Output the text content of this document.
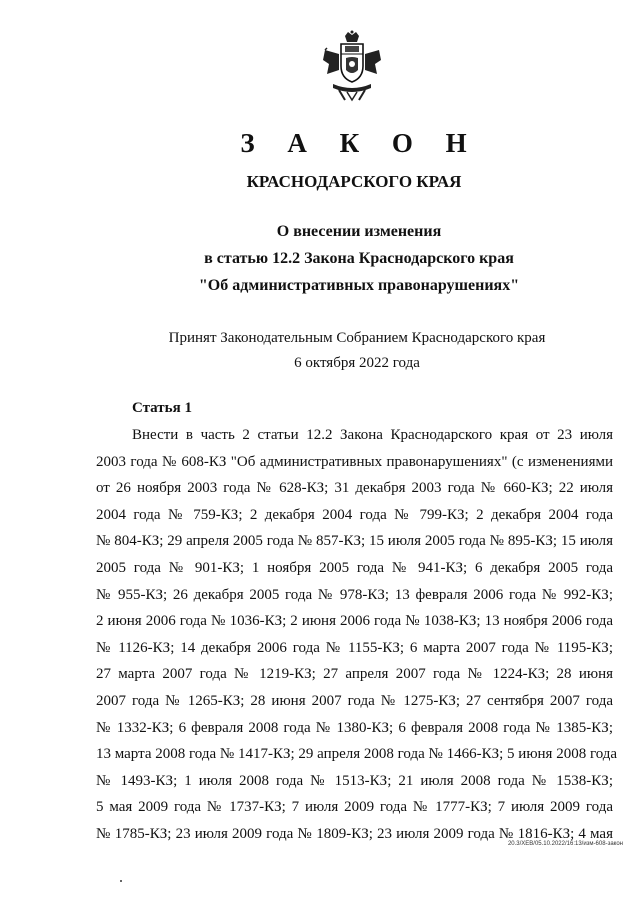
З А К О Н
КРАСНОДАРСКОГО КРАЯ
О внесении изменения
в статью 12.2 Закона Краснодарского края
"Об административных правонарушениях"
Принят Законодательным Собранием Краснодарского края
6 октября 2022 года
Статья 1
Внести в часть 2 статьи 12.2 Закона Краснодарского края от 23 июля
2003 года № 608-КЗ "Об административных правонарушениях" (с изменениями
от 26 ноября 2003 года № 628-КЗ; 31 декабря 2003 года № 660-КЗ; 22 июля
2004 года № 759-КЗ; 2 декабря 2004 года № 799-КЗ; 2 декабря 2004 года
№ 804-КЗ; 29 апреля 2005 года № 857-КЗ; 15 июля 2005 года № 895-КЗ; 15 июля
2005 года № 901-КЗ; 1 ноября 2005 года № 941-КЗ; 6 декабря 2005 года
№ 955-КЗ; 26 декабря 2005 года № 978-КЗ; 13 февраля 2006 года № 992-КЗ;
2 июня 2006 года № 1036-КЗ; 2 июня 2006 года № 1038-КЗ; 13 ноября 2006 года
№ 1126-КЗ; 14 декабря 2006 года № 1155-КЗ; 6 марта 2007 года № 1195-КЗ;
27 марта 2007 года № 1219-КЗ; 27 апреля 2007 года № 1224-КЗ; 28 июня
2007 года № 1265-КЗ; 28 июня 2007 года № 1275-КЗ; 27 сентября 2007 года
№ 1332-КЗ; 6 февраля 2008 года № 1380-КЗ; 6 февраля 2008 года № 1385-КЗ;
13 марта 2008 года № 1417-КЗ; 29 апреля 2008 года № 1466-КЗ; 5 июня 2008 года
№ 1493-КЗ; 1 июля 2008 года № 1513-КЗ; 21 июля 2008 года № 1538-КЗ;
5 мая 2009 года № 1737-КЗ; 7 июля 2009 года № 1777-КЗ; 7 июля 2009 года
№ 1785-КЗ; 23 июля 2009 года № 1809-КЗ; 23 июля 2009 года № 1816-КЗ; 4 мая
20.3/ХЕВ/05.10.2022/16:13/изм-608-закон
